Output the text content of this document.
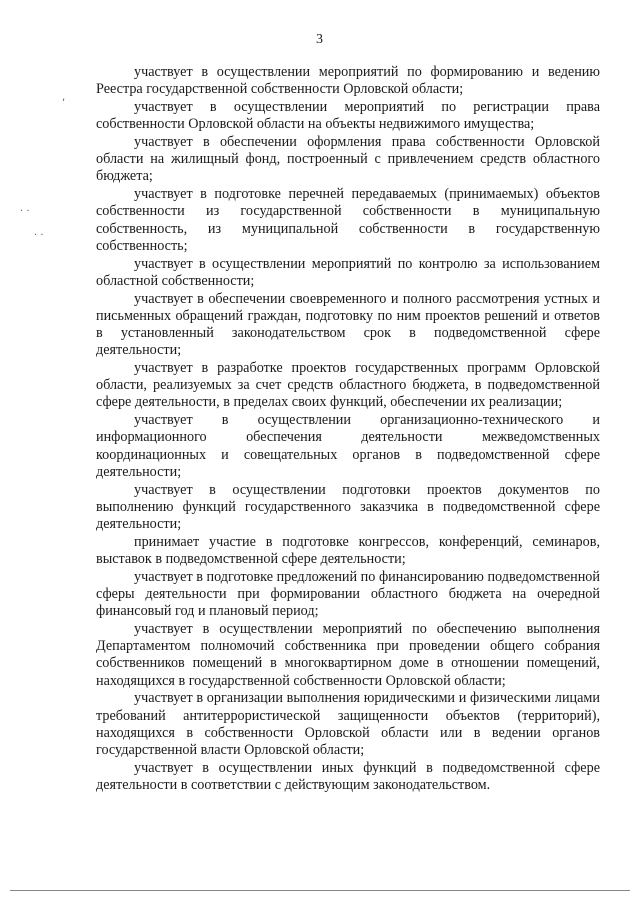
3
,
· ·
· ·

участвует в осуществлении мероприятий по формированию и ведению Реестра государственной собственности Орловской области;

участвует в осуществлении мероприятий по регистрации права собственности Орловской области на объекты недвижимого имущества;

участвует в обеспечении оформления права собственности Орловской области на жилищный фонд, построенный с привлечением средств областного бюджета;

участвует в подготовке перечней передаваемых (принимаемых) объектов собственности из государственной собственности в муниципальную собственность, из муниципальной собственности в государственную собственность;

участвует в осуществлении мероприятий по контролю за использованием областной собственности;

участвует в обеспечении своевременного и полного рассмотрения устных и письменных обращений граждан, подготовку по ним проектов решений и ответов в установленный законодательством срок в подведомственной сфере деятельности;

участвует в разработке проектов государственных программ Орловской области, реализуемых за счет средств областного бюджета, в подведомственной сфере деятельности, в пределах своих функций, обеспечении их реализации;

участвует в осуществлении организационно-технического и информационного обеспечения деятельности межведомственных координационных и совещательных органов в подведомственной сфере деятельности;

участвует в осуществлении подготовки проектов документов по выполнению функций государственного заказчика в подведомственной сфере деятельности;

принимает участие в подготовке конгрессов, конференций, семинаров, выставок в подведомственной сфере деятельности;

участвует в подготовке предложений по финансированию подведомственной сферы деятельности при формировании областного бюджета на очередной финансовый год и плановый период;

участвует в осуществлении мероприятий по обеспечению выполнения Департаментом полномочий собственника при проведении общего собрания собственников помещений в многоквартирном доме в отношении помещений, находящихся в государственной собственности Орловской области;

участвует в организации выполнения юридическими и физическими лицами требований антитеррористической защищенности объектов (территорий), находящихся в собственности Орловской области или в ведении органов государственной власти Орловской области;

участвует в осуществлении иных функций в подведомственной сфере деятельности в соответствии с действующим законодательством.
